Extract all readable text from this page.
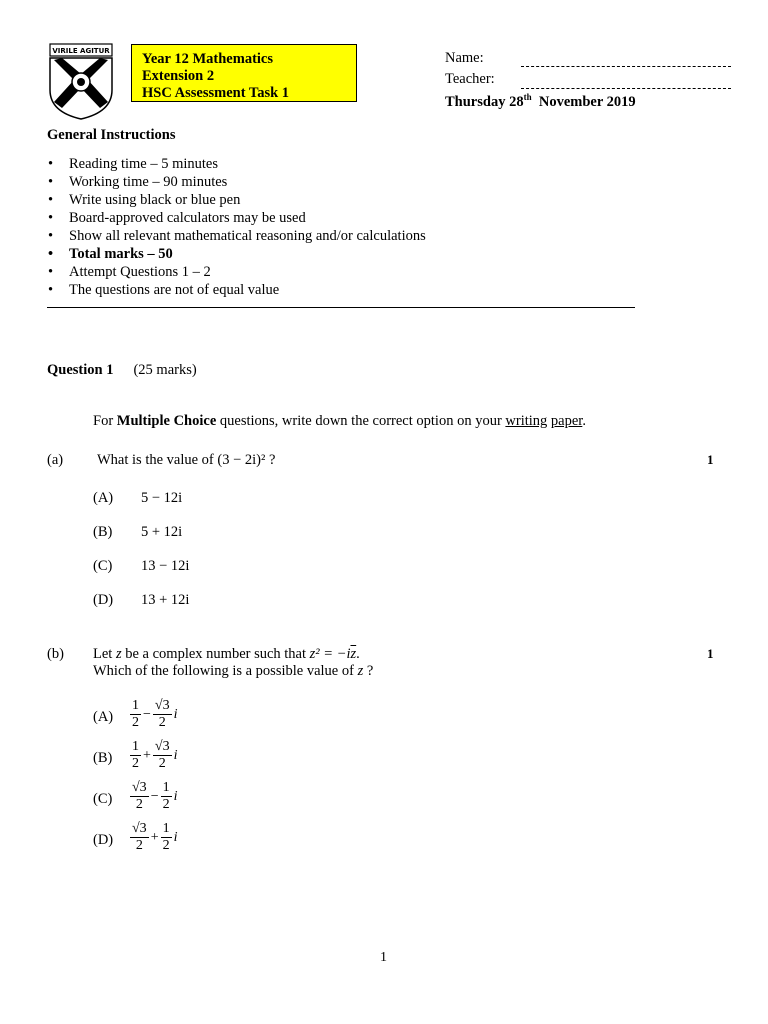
VIRILE AGITUR Year 12 Mathematics
Extension 2
HSC Assessment Task 1
Name:
Teacher:
Thursday 28th November 2019
General Instructions
• Reading time – 5 minutes
• Working time – 90 minutes
• Write using black or blue pen
• Board-approved calculators may be used
• Show all relevant mathematical reasoning and/or calculations
• Total marks – 50
• Attempt Questions 1 – 2
• The questions are not of equal value
Question 1 (25 marks)
For Multiple Choice questions, write down the correct option on your writing paper.
(a) What is the value of (3 − 2i)² ?	1
(A) 5 − 12i
(B) 5 + 12i
(C) 13 − 12i
(D) 13 + 12i
(b) Let z be a complex number such that $z^2 = -i\overline{z}$.
Which of the following is a possible value of z ?
1
$(A) \frac{1}{2} - \frac{√3}{2}$ i
$(B) \frac{1}{2} + \frac{√3}{2}$ i
$(C) \frac{√3}{2} - \frac{1}{2}$ i
$(D) \frac{√3}{2} + \frac{1}{2}$ i
1
